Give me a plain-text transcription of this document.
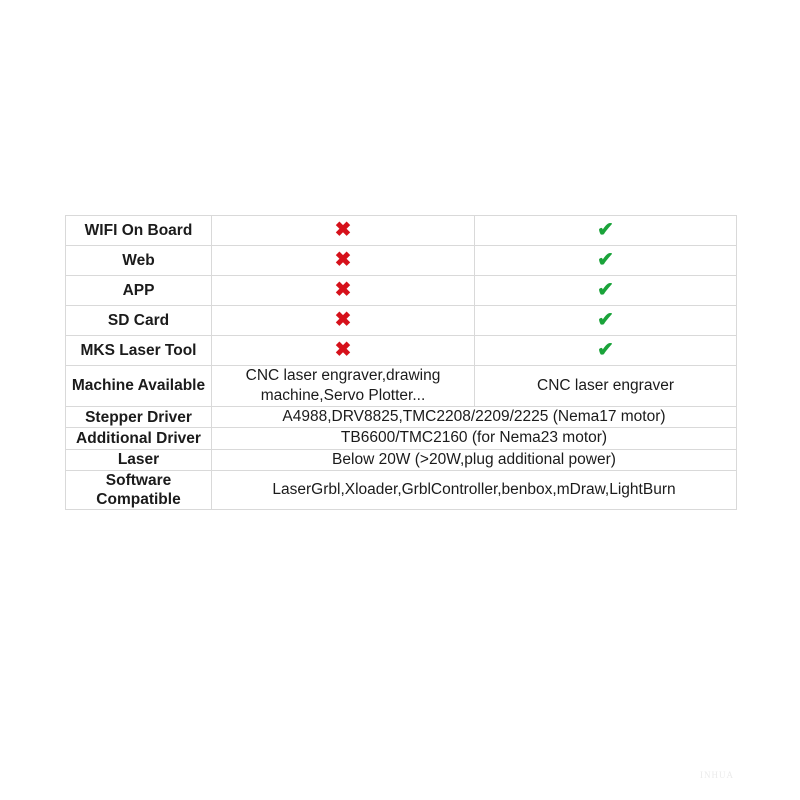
WIFI On Board	✖	✔
Web	✖	✔
APP	✖	✔
SD Card	✖	✔
MKS Laser Tool	✖	✔
Machine Available	CNC laser engraver,drawing machine,Servo Plotter...	CNC laser engraver
Stepper Driver	A4988,DRV8825,TMC2208/2209/2225 (Nema17 motor)	
Additional Driver	TB6600/TMC2160 (for Nema23 motor)	
Laser	Below 20W (>20W,plug additional power)	
Software Compatible	LaserGrbl,Xloader,GrblController,benbox,mDraw,LightBurn	
INHUA
